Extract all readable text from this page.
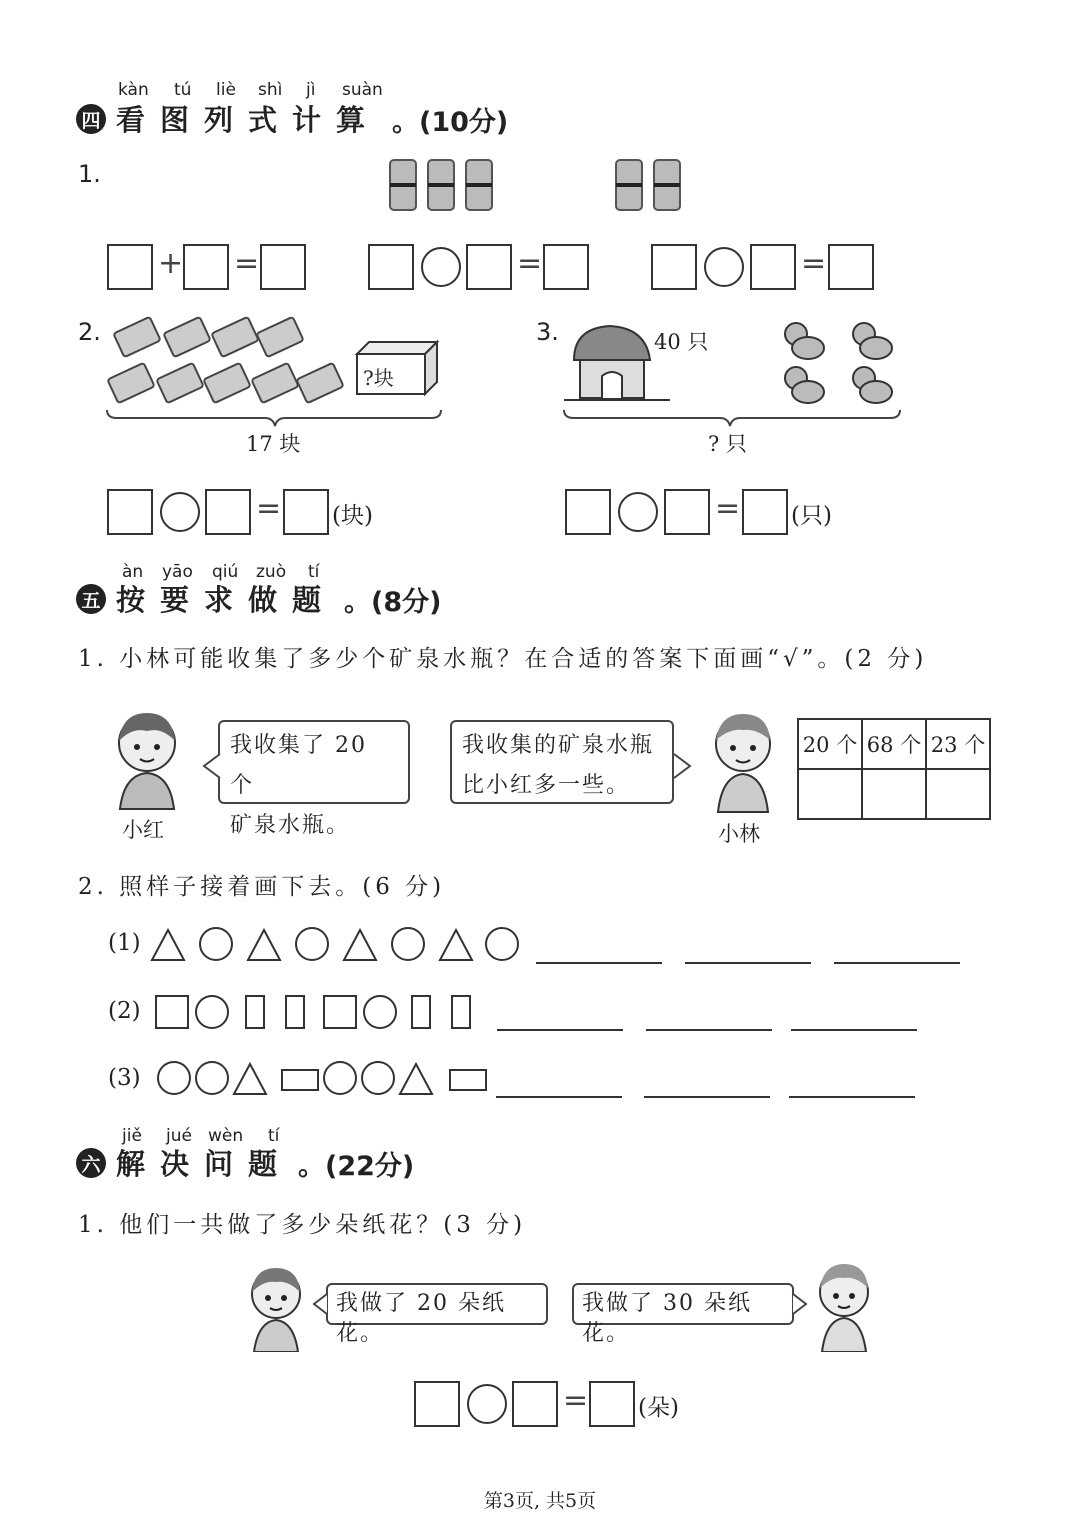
kàn tú liè shì jì suàn
四 看图列式计算 。(10分)
1.
+ =	=	=
2.
?块
17 块
= (块)
3.	40 只
? 只
= (只)
àn yāo qiú zuò tí
五 按要求做题 。(8分)
1. 小林可能收集了多少个矿泉水瓶？在合适的答案下面画“√”。(2 分)
小红
我收集了 20 个
矿泉水瓶。
我收集的矿泉水瓶
比小红多一些。
小林
20 个	68 个	23 个

2. 照样子接着画下去。(6 分)
(1)
(2)
(3)
jiě jué wèn tí
六 解决问题 。(22分)
1. 他们一共做了多少朵纸花？(3 分)
我做了 20 朵纸花。
我做了 30 朵纸花。
= (朵)
第3页, 共5页
